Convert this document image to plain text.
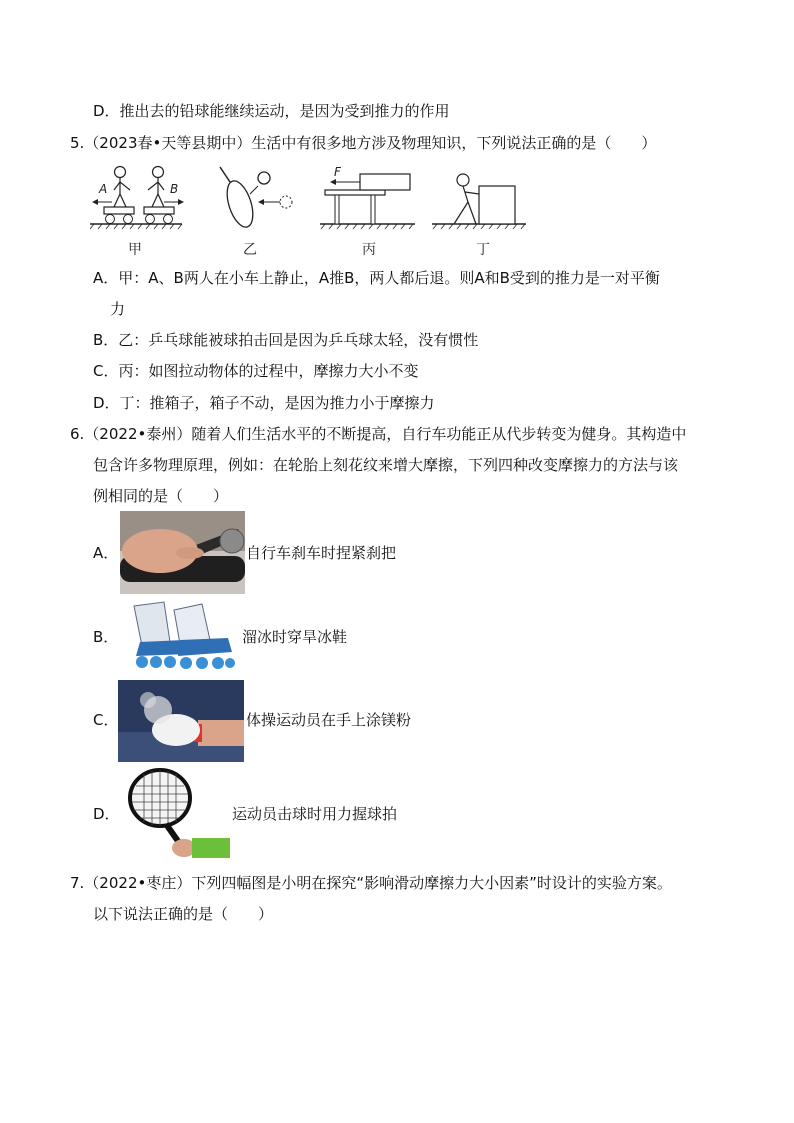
D．推出去的铅球能继续运动，是因为受到推力的作用
5.（2023春•天等县期中）生活中有很多地方涉及物理知识，下列说法正确的是（　　）
A	B
甲	乙
F
丙	丁
A．甲：A、B两人在小车上静止，A推B，两人都后退。则A和B受到的推力是一对平衡
力
B．乙：乒乓球能被球拍击回是因为乒乓球太轻，没有惯性
C．丙：如图拉动物体的过程中，摩擦力大小不变
D．丁：推箱子，箱子不动，是因为推力小于摩擦力
6.（2022•泰州）随着人们生活水平的不断提高，自行车功能正从代步转变为健身。其构造中
包含许多物理原理，例如：在轮胎上刻花纹来增大摩擦，下列四种改变摩擦力的方法与该
例相同的是（　　）
A．	自行车刹车时捏紧刹把
B．	溜冰时穿旱冰鞋
C．	体操运动员在手上涂镁粉
D．	运动员击球时用力握球拍
7.（2022•枣庄）下列四幅图是小明在探究“影响滑动摩擦力大小因素”时设计的实验方案。
以下说法正确的是（　　）
